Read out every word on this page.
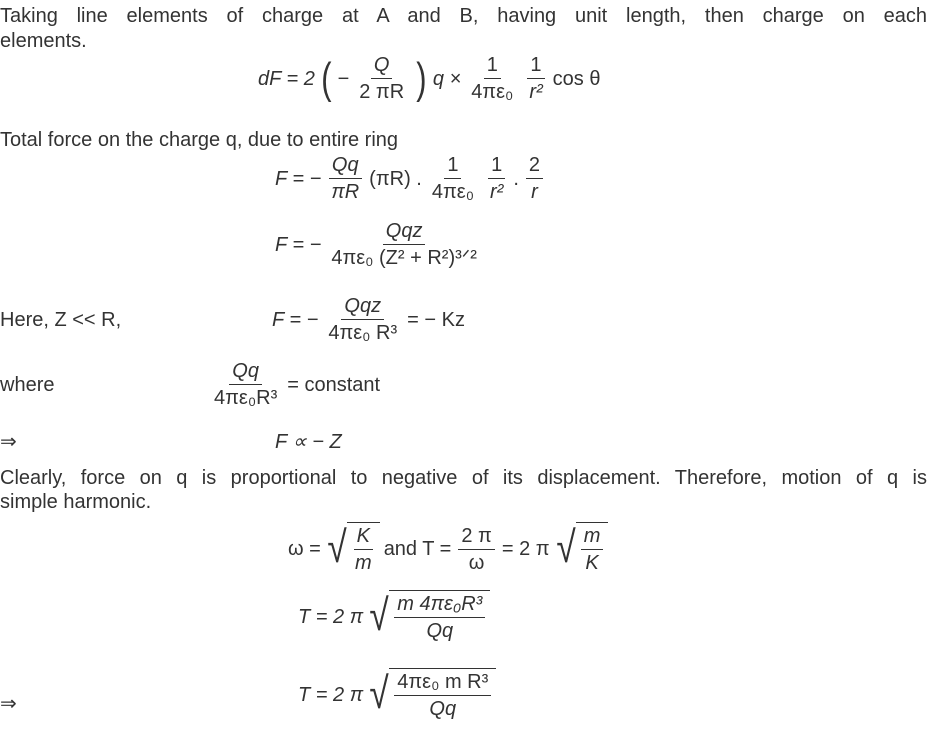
Taking line elements of charge at A and B, having unit length, then charge on each
elements.
dF = 2 ( − $\frac{Q}{2 \pi R}$ ) $q \times \frac{1}{\text{4πε₀}} \frac{1}{\text{r²}}$ cos θ
Total force on the charge q, due to entire ring
F = − $\frac{Qq}{\pi R} (\pi R)$ . $\frac{1}{\text{4πε₀}} \frac{1}{\text{r²}}$ . $\frac{2}{r}$
F = − $\frac{\text{Qqz}}{\text{4πε₀ (Z² + R²)³ᐟ²}}$
Here, Z << R,	F = − $\frac{\text{Qqz}}{\text{4πε₀ R³}}$ = − Kz
where	$\frac{Qq}{\text{4πε₀R³}}$ = constant
⇒	F ∝ − Z
Clearly, force on q is proportional to negative of its displacement. Therefore, motion of q is
simple harmonic.
ω = √ $\frac{K}{m}$ and $T = \frac{2 \pi}{\omega} = 2$ π √ $\frac{m}{K}$
T = 2 π √ $\frac{\text{m 4πε₀R³}}{Qq}$
⇒	T = 2 π √ $\frac{\text{4πε₀ m R³}}{Qq}$
